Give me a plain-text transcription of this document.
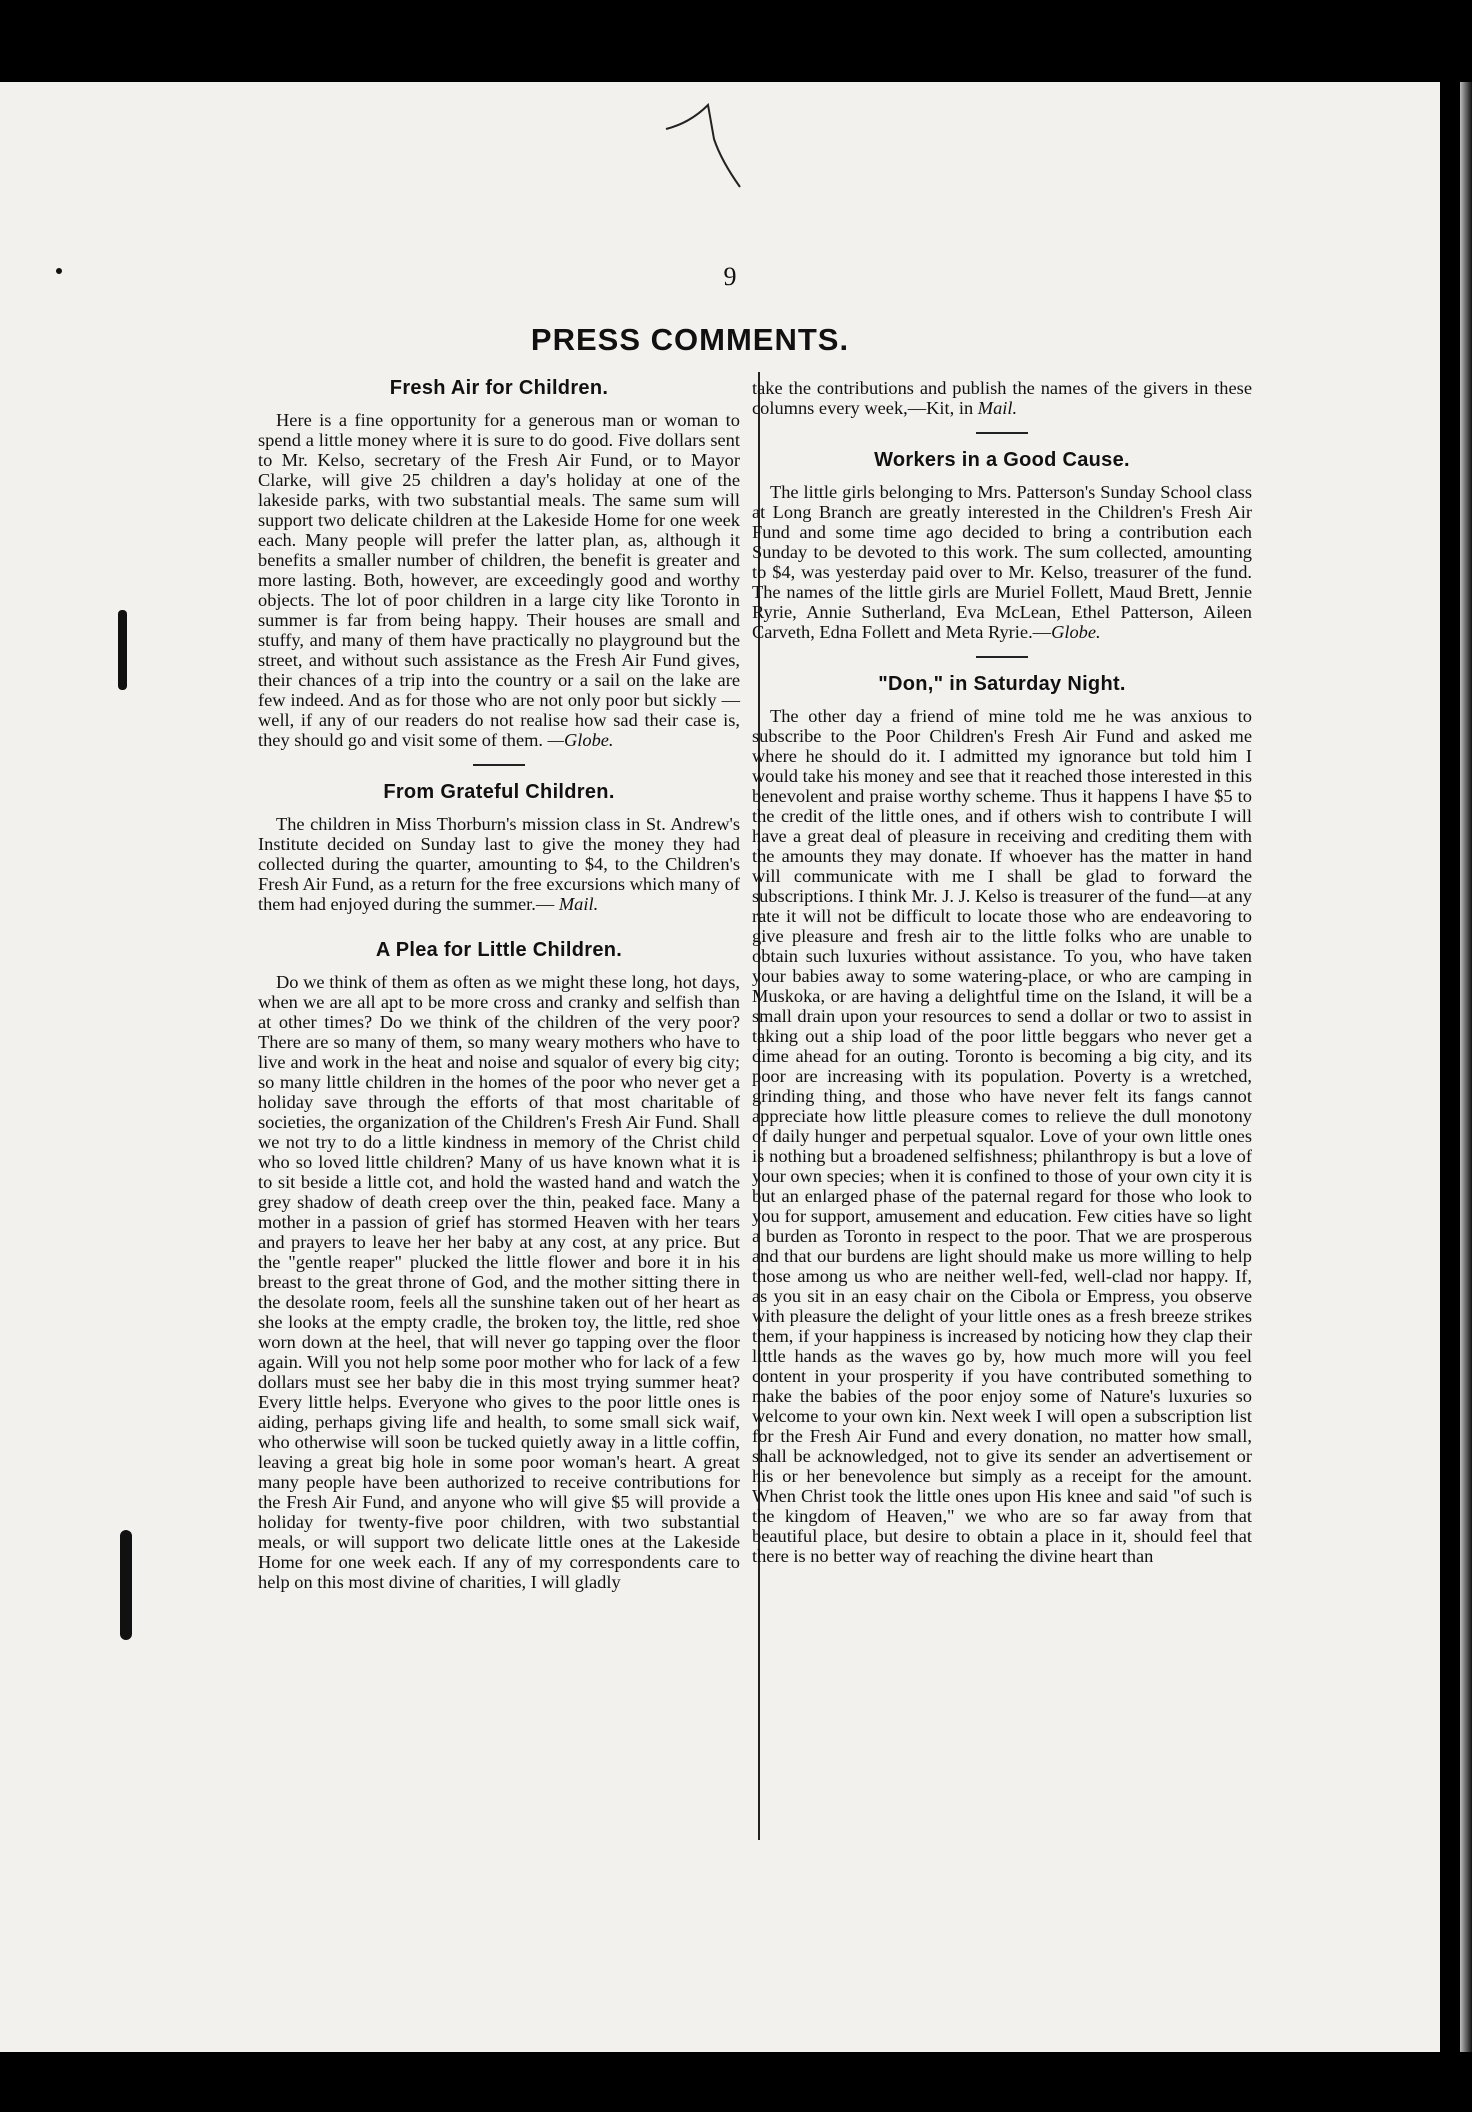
9
PRESS COMMENTS.
Fresh Air for Children.

Here is a fine opportunity for a generous man or woman to spend a little money where it is sure to do good. Five dollars sent to Mr. Kelso, secretary of the Fresh Air Fund, or to Mayor Clarke, will give 25 children a day's holiday at one of the lakeside parks, with two substantial meals. The same sum will support two delicate children at the Lakeside Home for one week each. Many people will prefer the latter plan, as, although it benefits a smaller number of children, the benefit is greater and more lasting. Both, however, are exceedingly good and worthy objects. The lot of poor children in a large city like Toronto in summer is far from being happy. Their houses are small and stuffy, and many of them have practically no playground but the street, and without such assistance as the Fresh Air Fund gives, their chances of a trip into the country or a sail on the lake are few indeed. And as for those who are not only poor but sickly —well, if any of our readers do not realise how sad their case is, they should go and visit some of them. —Globe.

From Grateful Children.

The children in Miss Thorburn's mission class in St. Andrew's Institute decided on Sunday last to give the money they had collected during the quarter, amounting to $4, to the Children's Fresh Air Fund, as a return for the free excursions which many of them had enjoyed during the summer.— Mail.

A Plea for Little Children.

Do we think of them as often as we might these long, hot days, when we are all apt to be more cross and cranky and selfish than at other times? Do we think of the children of the very poor? There are so many of them, so many weary mothers who have to live and work in the heat and noise and squalor of every big city; so many little children in the homes of the poor who never get a holiday save through the efforts of that most charitable of societies, the organization of the Children's Fresh Air Fund. Shall we not try to do a little kindness in memory of the Christ child who so loved little children? Many of us have known what it is to sit beside a little cot, and hold the wasted hand and watch the grey shadow of death creep over the thin, peaked face. Many a mother in a passion of grief has stormed Heaven with her tears and prayers to leave her her baby at any cost, at any price. But the "gentle reaper" plucked the little flower and bore it in his breast to the great throne of God, and the mother sitting there in the desolate room, feels all the sunshine taken out of her heart as she looks at the empty cradle, the broken toy, the little, red shoe worn down at the heel, that will never go tapping over the floor again. Will you not help some poor mother who for lack of a few dollars must see her baby die in this most trying summer heat? Every little helps. Everyone who gives to the poor little ones is aiding, perhaps giving life and health, to some small sick waif, who otherwise will soon be tucked quietly away in a little coffin, leaving a great big hole in some poor woman's heart. A great many people have been authorized to receive contributions for the Fresh Air Fund, and anyone who will give $5 will provide a holiday for twenty-five poor children, with two substantial meals, or will support two delicate little ones at the Lakeside Home for one week each. If any of my correspondents care to help on this most divine of charities, I will gladly

take the contributions and publish the names of the givers in these columns every week,—Kit, in Mail.

Workers in a Good Cause.

The little girls belonging to Mrs. Patterson's Sunday School class at Long Branch are greatly interested in the Children's Fresh Air Fund and some time ago decided to bring a contribution each Sunday to be devoted to this work. The sum collected, amounting to $4, was yesterday paid over to Mr. Kelso, treasurer of the fund. The names of the little girls are Muriel Follett, Maud Brett, Jennie Ryrie, Annie Sutherland, Eva McLean, Ethel Patterson, Aileen Carveth, Edna Follett and Meta Ryrie.—Globe.

"Don," in Saturday Night.

The other day a friend of mine told me he was anxious to subscribe to the Poor Children's Fresh Air Fund and asked me where he should do it. I admitted my ignorance but told him I would take his money and see that it reached those interested in this benevolent and praise worthy scheme. Thus it happens I have $5 to the credit of the little ones, and if others wish to contribute I will have a great deal of pleasure in receiving and crediting them with the amounts they may donate. If whoever has the matter in hand will communicate with me I shall be glad to forward the subscriptions. I think Mr. J. J. Kelso is treasurer of the fund—at any rate it will not be difficult to locate those who are endeavoring to give pleasure and fresh air to the little folks who are unable to obtain such luxuries without assistance. To you, who have taken your babies away to some watering-place, or who are camping in Muskoka, or are having a delightful time on the Island, it will be a small drain upon your resources to send a dollar or two to assist in taking out a ship load of the poor little beggars who never get a dime ahead for an outing. Toronto is becoming a big city, and its poor are increasing with its population. Poverty is a wretched, grinding thing, and those who have never felt its fangs cannot appreciate how little pleasure comes to relieve the dull monotony of daily hunger and perpetual squalor. Love of your own little ones is nothing but a broadened selfishness; philanthropy is but a love of your own species; when it is confined to those of your own city it is but an enlarged phase of the paternal regard for those who look to you for support, amusement and education. Few cities have so light a burden as Toronto in respect to the poor. That we are prosperous and that our burdens are light should make us more willing to help those among us who are neither well-fed, well-clad nor happy. If, as you sit in an easy chair on the Cibola or Empress, you observe with pleasure the delight of your little ones as a fresh breeze strikes them, if your happiness is increased by noticing how they clap their little hands as the waves go by, how much more will you feel content in your prosperity if you have contributed something to make the babies of the poor enjoy some of Nature's luxuries so welcome to your own kin. Next week I will open a subscription list for the Fresh Air Fund and every donation, no matter how small, shall be acknowledged, not to give its sender an advertisement or his or her benevolence but simply as a receipt for the amount. When Christ took the little ones upon His knee and said "of such is the kingdom of Heaven," we who are so far away from that beautiful place, but desire to obtain a place in it, should feel that there is no better way of reaching the divine heart than
